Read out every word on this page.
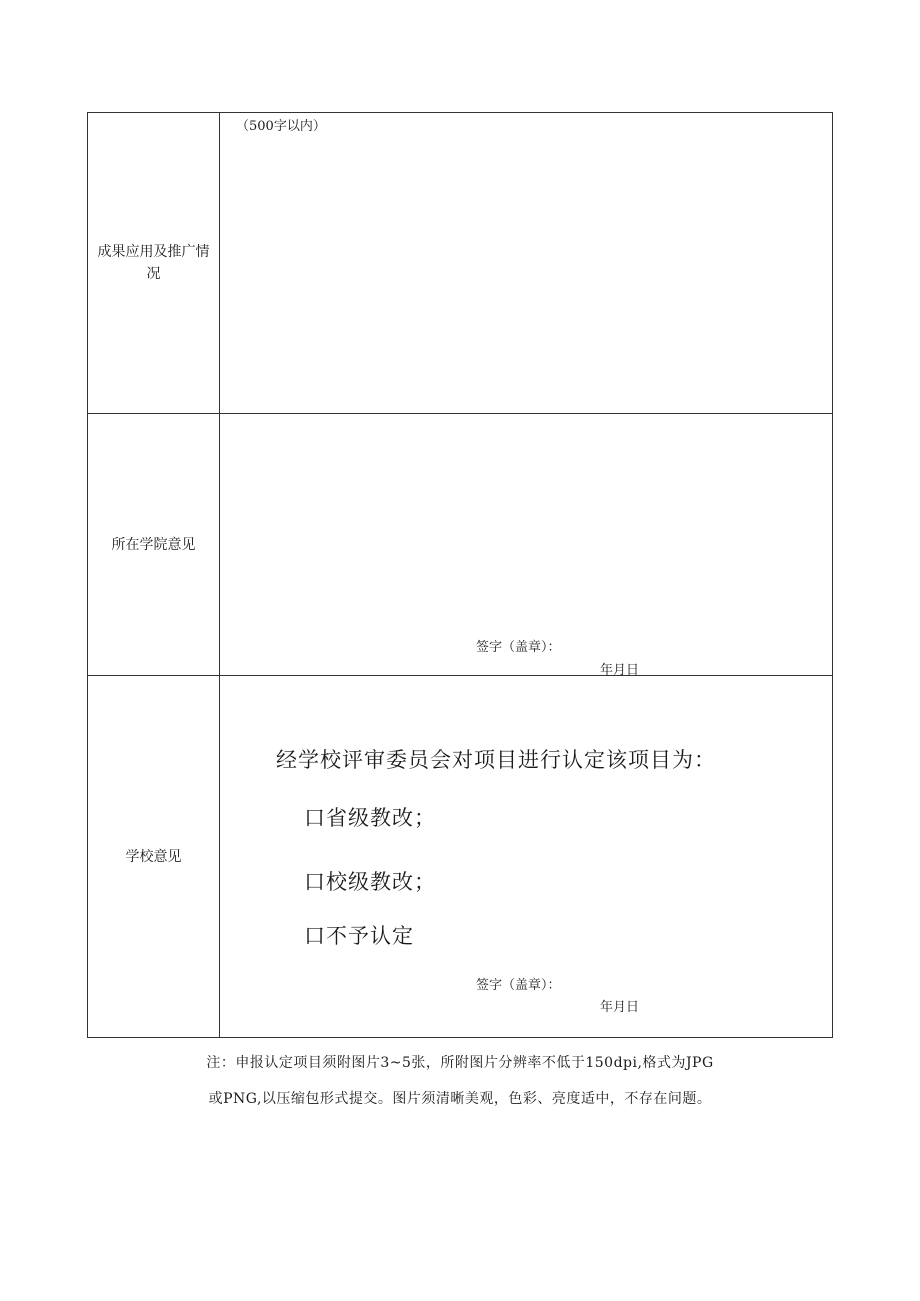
成果应用及推广情况
（500字以内）
所在学院意见
签字（盖章）：
年月日
学校意见
经学校评审委员会对项目进行认定该项目为：
口省级教改；
口校级教改；
口不予认定
签字（盖章）：
年月日
注：申报认定项目须附图片3~5张，所附图片分辨率不低于150dpi,格式为JPG
或PNG,以压缩包形式提交。图片须清晰美观，色彩、亮度适中，不存在问题。
